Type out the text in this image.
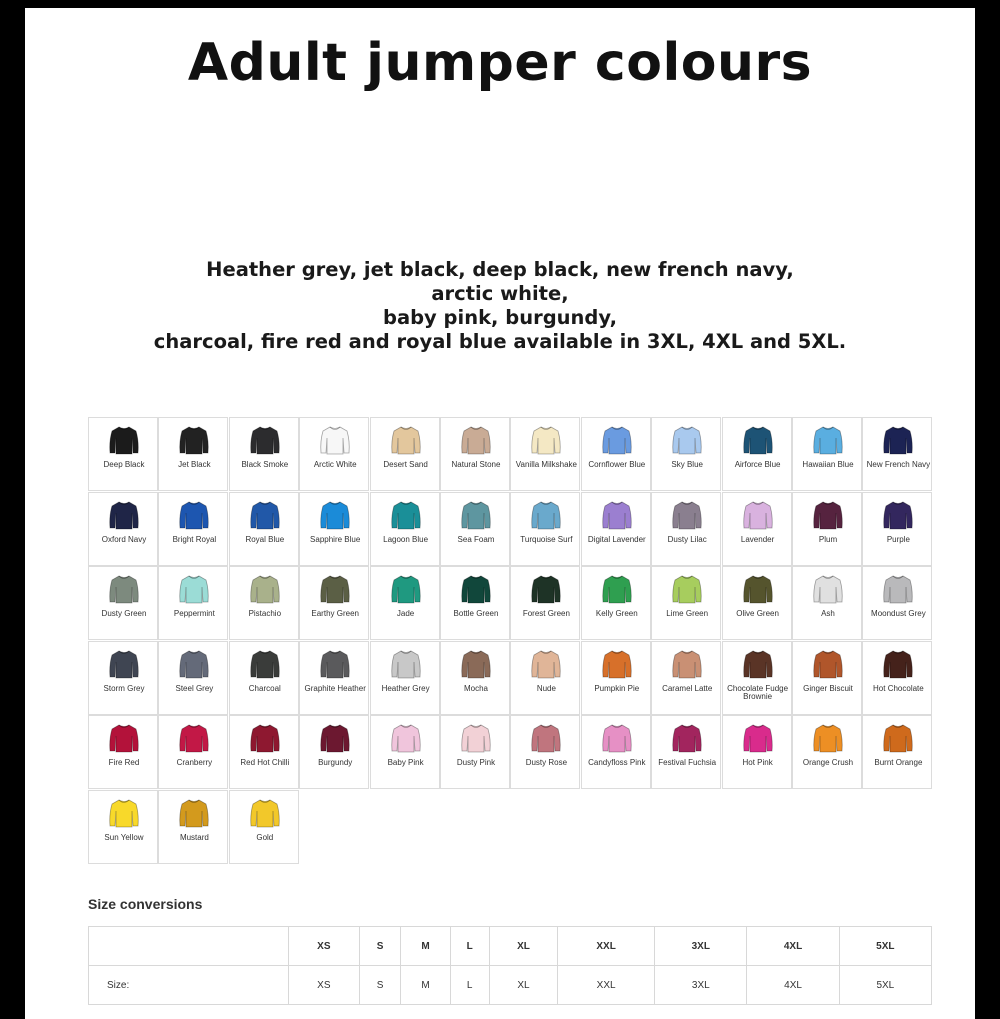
Adult jumper colours
Heather grey, jet black, deep black, new french navy,
arctic white,
baby pink, burgundy,
charcoal, fire red and royal blue available in 3XL, 4XL and 5XL.
Deep Black	Jet Black	Black Smoke	Arctic White	Desert Sand	Natural Stone	Vanilla Milkshake	Cornflower Blue	Sky Blue	Airforce Blue	Hawaiian Blue	New French Navy
Oxford Navy	Bright Royal	Royal Blue	Sapphire Blue	Lagoon Blue	Sea Foam	Turquoise Surf	Digital Lavender	Dusty Lilac	Lavender	Plum	Purple
Dusty Green	Peppermint	Pistachio	Earthy Green	Jade	Bottle Green	Forest Green	Kelly Green	Lime Green	Olive Green	Ash	Moondust Grey
Storm Grey	Steel Grey	Charcoal	Graphite Heather	Heather Grey	Mocha	Nude	Pumpkin Pie	Caramel Latte	Chocolate Fudge Brownie
Ginger Biscuit	Hot Chocolate
Fire Red	Cranberry	Red Hot Chilli	Burgundy	Baby Pink	Dusty Pink	Dusty Rose	Candyfloss Pink	Festival Fuchsia	Hot Pink	Orange Crush	Burnt Orange
Sun Yellow	Mustard	Gold
Size conversions
	XS	S	M	L	XL	XXL	3XL	4XL	5XL
Size:	XS	S	M	L	XL	XXL	3XL	4XL	5XL
